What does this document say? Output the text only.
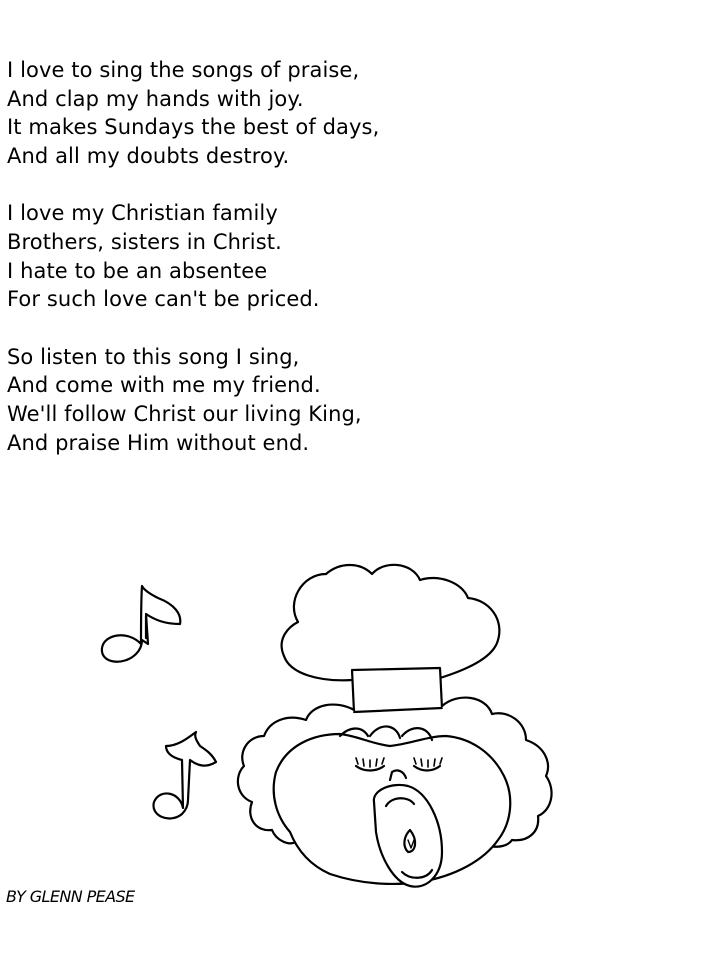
I love to sing the songs of praise,
And clap my hands with joy.
It makes Sundays the best of days,
And all my doubts destroy.
I love my Christian family
Brothers, sisters in Christ.
I hate to be an absentee
For such love can't be priced.
So listen to this song I sing,
And come with me my friend.
We'll follow Christ our living King,
And praise Him without end.
BY GLENN PEASE
